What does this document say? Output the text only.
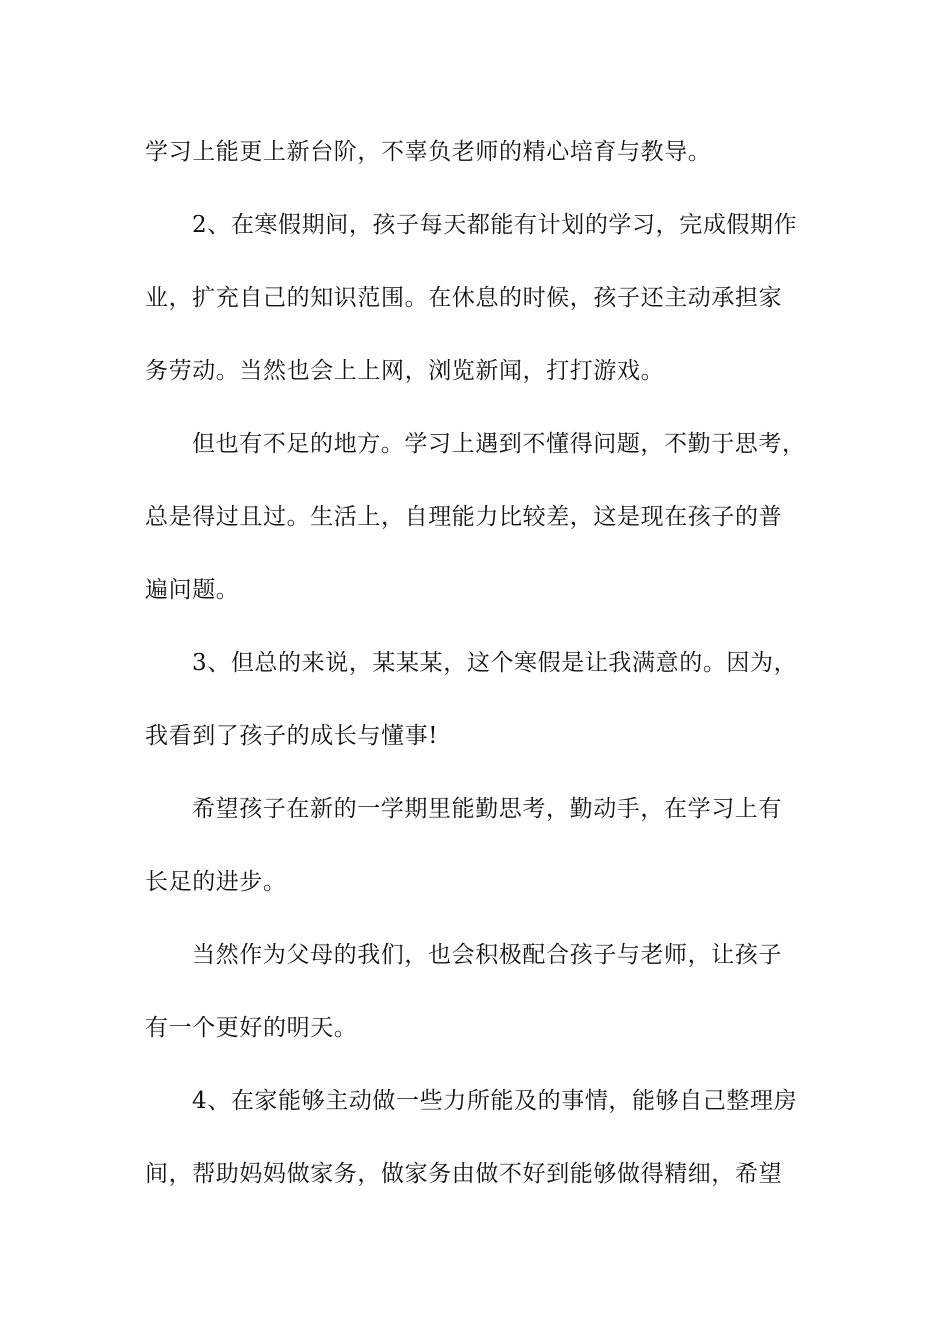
学习上能更上新台阶，不辜负老师的精心培育与教导。
2、在寒假期间，孩子每天都能有计划的学习，完成假期作
业，扩充自己的知识范围。在休息的时候，孩子还主动承担家
务劳动。当然也会上上网，浏览新闻，打打游戏。
但也有不足的地方。学习上遇到不懂得问题，不勤于思考，
总是得过且过。生活上，自理能力比较差，这是现在孩子的普
遍问题。
3、但总的来说，某某某，这个寒假是让我满意的。因为，
我看到了孩子的成长与懂事!
希望孩子在新的一学期里能勤思考，勤动手，在学习上有
长足的进步。
当然作为父母的我们，也会积极配合孩子与老师，让孩子
有一个更好的明天。
4、在家能够主动做一些力所能及的事情，能够自己整理房
间，帮助妈妈做家务，做家务由做不好到能够做得精细，希望
